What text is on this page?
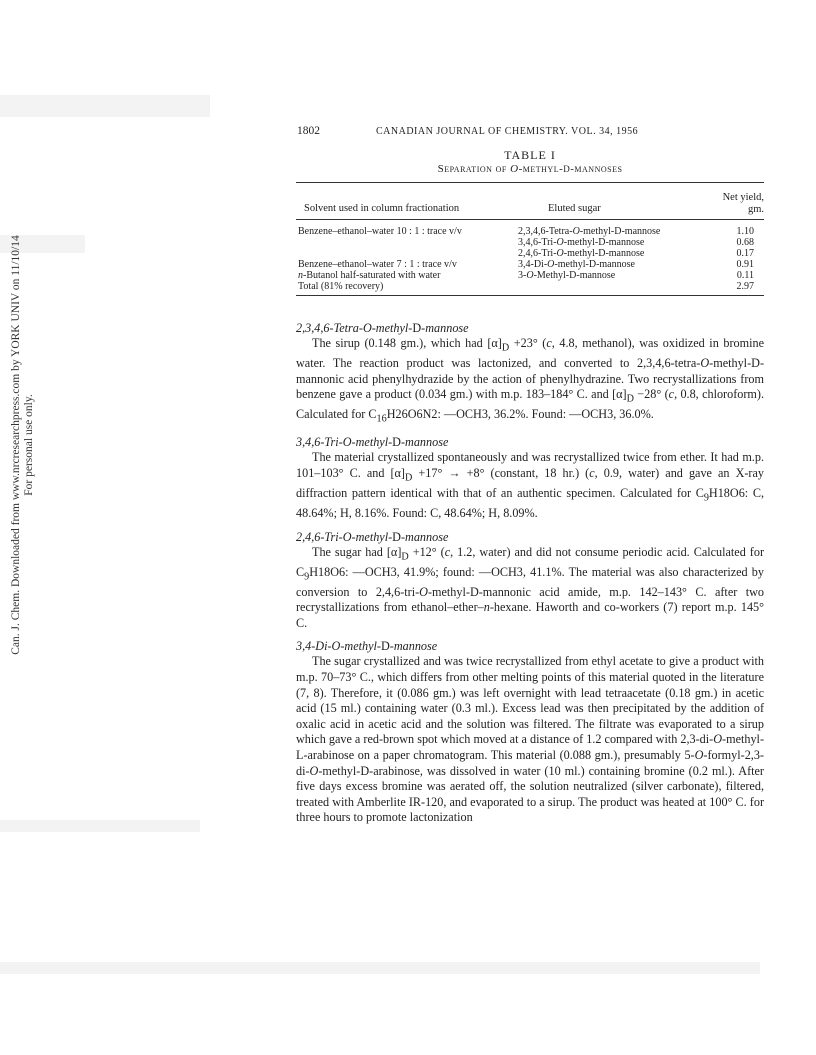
Can. J. Chem. Downloaded from www.nrcresearchpress.com by YORK UNIV on 11/10/14 For personal use only.
1802	CANADIAN JOURNAL OF CHEMISTRY. VOL. 34, 1956
TABLE I
Separation of O-methyl-D-mannoses
Solvent used in column fractionation	Eluted sugar
Net yield,
gm.
Benzene–ethanol–water 10 : 1 : trace v/v	2,3,4,6-Tetra-O-methyl-D-mannose	1.10
3,4,6-Tri-O-methyl-D-mannose	0.68
2,4,6-Tri-O-methyl-D-mannose	0.17
Benzene–ethanol–water 7 : 1 : trace v/v	3,4-Di-O-methyl-D-mannose	0.91
n-Butanol half-saturated with water	3-O-Methyl-D-mannose	0.11
Total (81% recovery)	2.97

2,3,4,6-Tetra-O-methyl-D-mannose

The sirup (0.148 gm.), which had $[\alpha]_D +23^\circ$ (c, 4.8, methanol), was oxidized in bromine water. The reaction product was lactonized, and converted to 2,3,4,6-tetra-O-methyl-D-mannonic acid phenylhydrazide by the action of phenylhydrazine. Two recrystallizations from benzene gave a product (0.034 gm.) with m.p. 183–184° C. and $[\alpha]_D -28^\circ$ (c, 0.8, chloroform). Calculated for $C_{16}H26O6N2$: —OCH3, 36.2%. Found: —OCH3, 36.0%.

3,4,6-Tri-O-methyl-D-mannose

The material crystallized spontaneously and was recrystallized twice from ether. It had m.p. 101–103° C. and $[\alpha]_D +17^\circ \to +8^\circ$ (constant, 18 hr.) (c, 0.9, water) and gave an X-ray diffraction pattern identical with that of an authentic specimen. Calculated for $C_9H18O6$: C, 48.64%; H, 8.16%. Found: C, 48.64%; H, 8.09%.

2,4,6-Tri-O-methyl-D-mannose

The sugar had $[\alpha]_D +12^\circ$ (c, 1.2, water) and did not consume periodic acid. Calculated for $C_9H18O6$: —OCH3, 41.9%; found: —OCH3, 41.1%. The material was also characterized by conversion to 2,4,6-tri-O-methyl-D-mannonic acid amide, m.p. 142–143° C. after two recrystallizations from ethanol–ether–n-hexane. Haworth and co-workers (7) report m.p. 145° C.

3,4-Di-O-methyl-D-mannose

The sugar crystallized and was twice recrystallized from ethyl acetate to give a product with m.p. 70–73° C., which differs from other melting points of this material quoted in the literature (7, 8). Therefore, it (0.086 gm.) was left overnight with lead tetraacetate (0.18 gm.) in acetic acid (15 ml.) containing water (0.3 ml.). Excess lead was then precipitated by the addition of oxalic acid in acetic acid and the solution was filtered. The filtrate was evaporated to a sirup which gave a red-brown spot which moved at a distance of 1.2 compared with 2,3-di-O-methyl-L-arabinose on a paper chromatogram. This material (0.088 gm.), presumably 5-O-formyl-2,3-di-O-methyl-D-arabinose, was dissolved in water (10 ml.) containing bromine (0.2 ml.). After five days excess bromine was aerated off, the solution neutralized (silver carbonate), filtered, treated with Amberlite IR-120, and evaporated to a sirup. The product was heated at 100° C. for three hours to promote lactonization
